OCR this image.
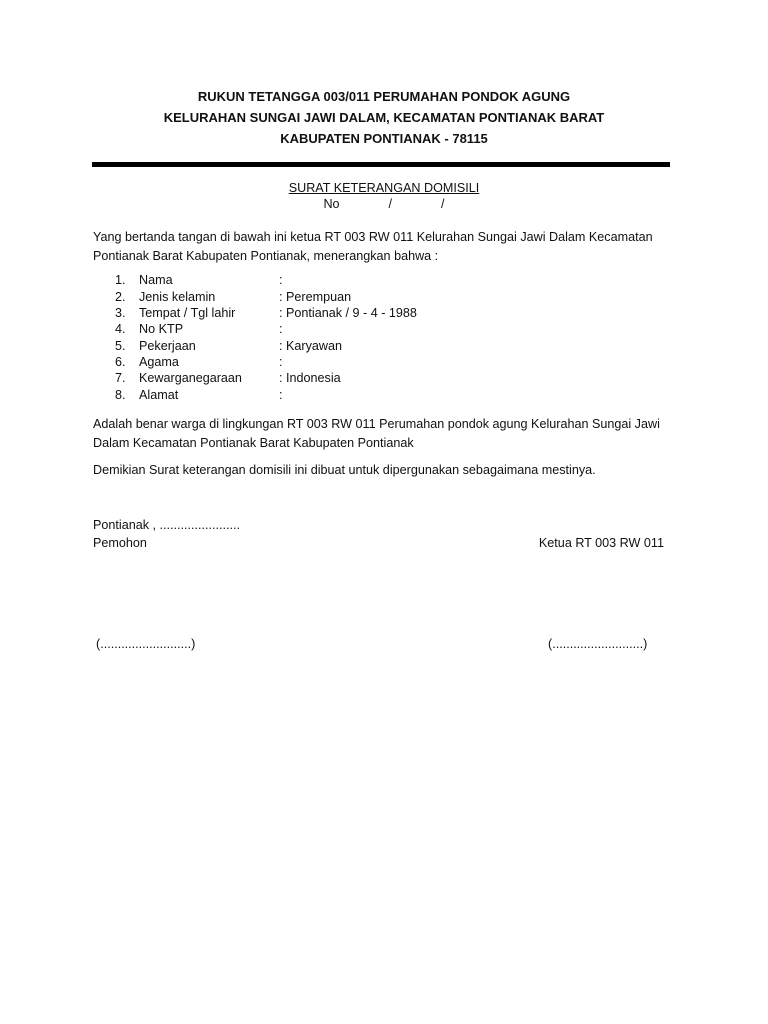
RUKUN TETANGGA 003/011 PERUMAHAN PONDOK AGUNG
KELURAHAN SUNGAI JAWI DALAM, KECAMATAN PONTIANAK BARAT
KABUPATEN PONTIANAK - 78115
SURAT KETERANGAN DOMISILI
No              /              /
Yang bertanda tangan di bawah ini ketua RT 003 RW 011 Kelurahan Sungai Jawi Dalam Kecamatan Pontianak Barat Kabupaten Pontianak, menerangkan bahwa :
1.	Nama	:
2.	Jenis kelamin	: Perempuan
3.	Tempat / Tgl lahir	: Pontianak / 9 - 4 - 1988
4.	No KTP	:
5.	Pekerjaan	: Karyawan
6.	Agama	:
7.	Kewarganegaraan	: Indonesia
8.	Alamat	:
Adalah benar warga di lingkungan RT 003 RW 011 Perumahan pondok agung Kelurahan Sungai Jawi Dalam Kecamatan Pontianak Barat Kabupaten Pontianak
Demikian Surat keterangan domisili ini dibuat untuk dipergunakan sebagaimana mestinya.
Pontianak , .......................
Pemohon	Ketua RT 003 RW 011
(..........................)	(..........................)
